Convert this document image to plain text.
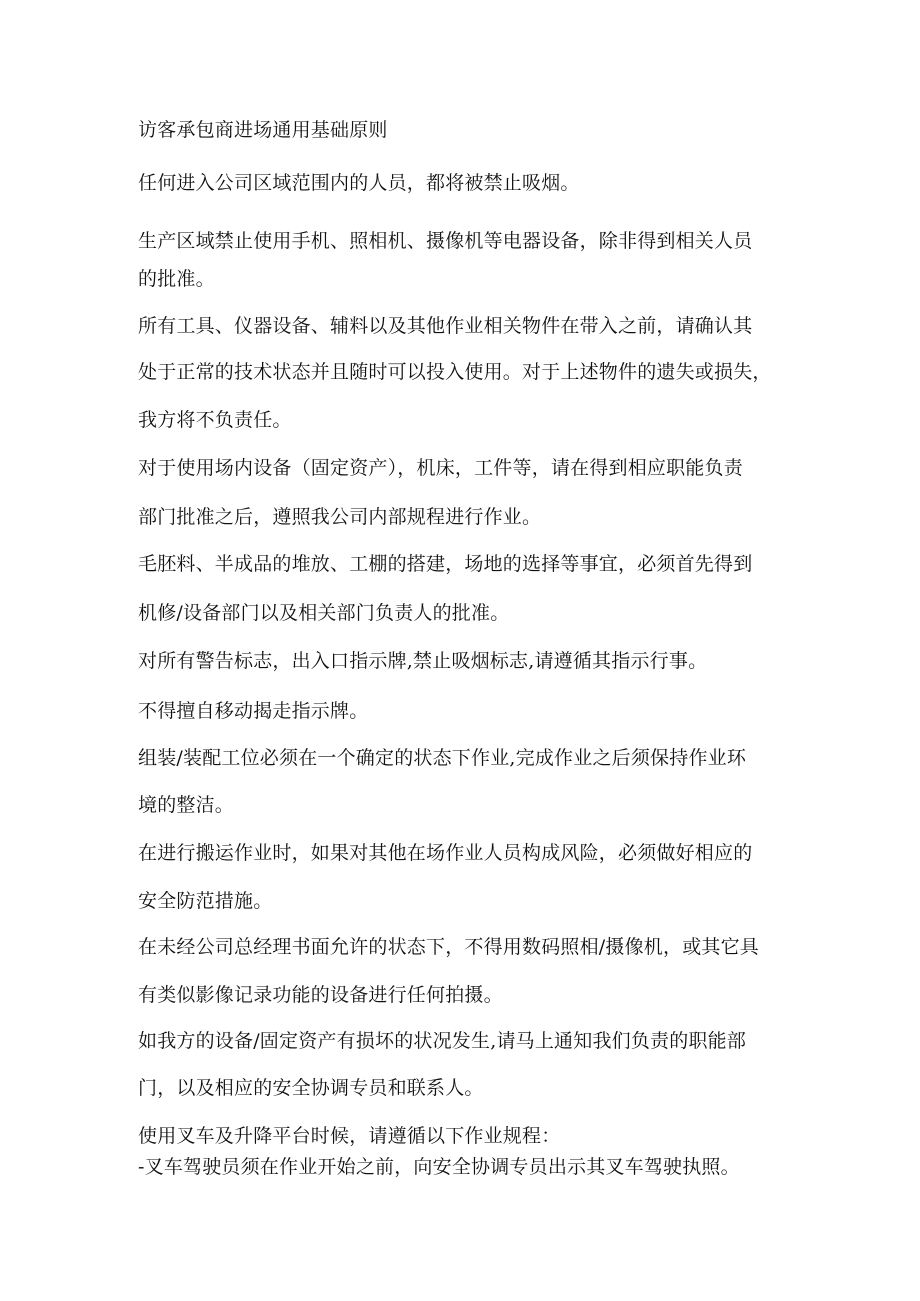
访客承包商进场通用基础原则
任何进入公司区域范围内的人员，都将被禁止吸烟。
生产区域禁止使用手机、照相机、摄像机等电器设备，除非得到相关人员
的批准。
所有工具、仪器设备、辅料以及其他作业相关物件在带入之前，请确认其
处于正常的技术状态并且随时可以投入使用。对于上述物件的遗失或损失，
我方将不负责任。
对于使用场内设备（固定资产），机床，工件等，请在得到相应职能负责
部门批准之后，遵照我公司内部规程进行作业。
毛胚料、半成品的堆放、工棚的搭建，场地的选择等事宜，必须首先得到
机修/设备部门以及相关部门负责人的批准。
对所有警告标志，出入口指示牌,禁止吸烟标志,请遵循其指示行事。
不得擅自移动揭走指示牌。
组装/装配工位必须在一个确定的状态下作业,完成作业之后须保持作业环
境的整洁。
在进行搬运作业时，如果对其他在场作业人员构成风险，必须做好相应的
安全防范措施。
在未经公司总经理书面允许的状态下，不得用数码照相/摄像机，或其它具
有类似影像记录功能的设备进行任何拍摄。
如我方的设备/固定资产有损坏的状况发生,请马上通知我们负责的职能部
门，以及相应的安全协调专员和联系人。
使用叉车及升降平台时候，请遵循以下作业规程：
-叉车驾驶员须在作业开始之前，向安全协调专员出示其叉车驾驶执照。
